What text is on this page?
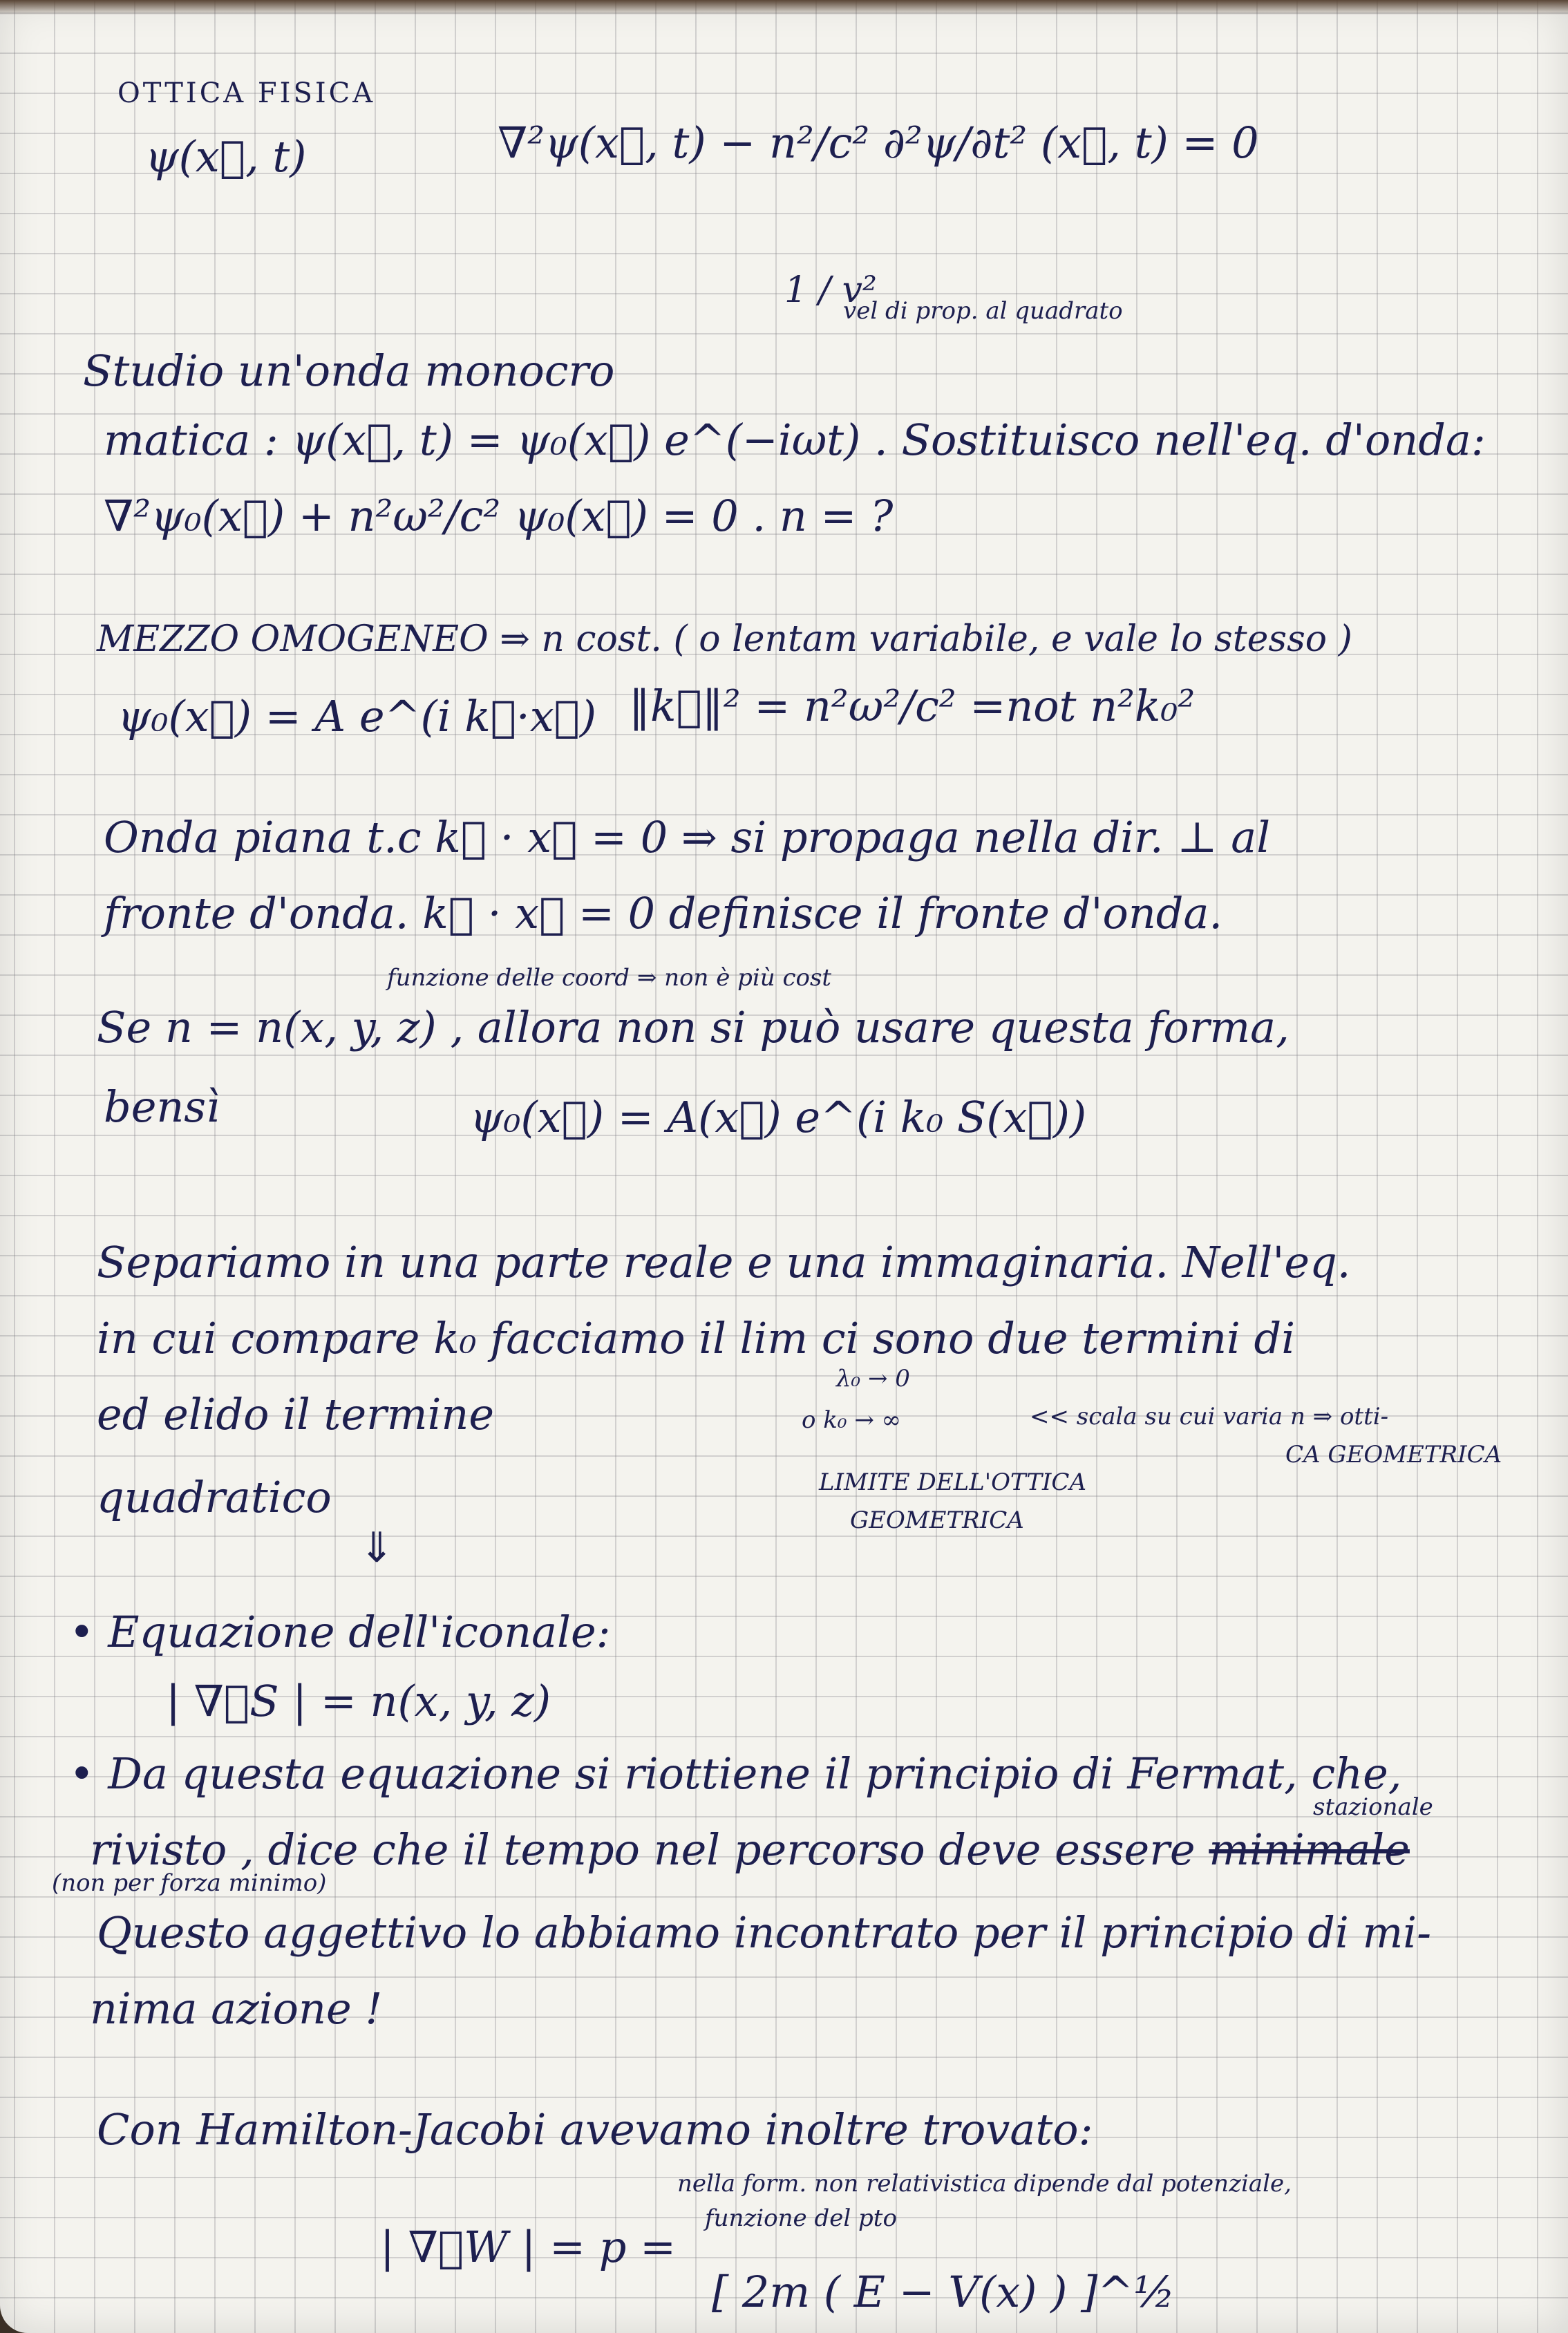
OTTICA FISICA
ψ(x⃗, t)	∇²ψ(x⃗, t) − n²/c² ∂²ψ/∂t² (x⃗, t) = 0
1 / v²
vel di prop. al quadrato
Studio un'onda monocro
matica : ψ(x⃗, t) = ψ₀(x⃗) e^(−iωt) . Sostituisco nell'eq. d'onda:
∇²ψ₀(x⃗) + n²ω²/c² ψ₀(x⃗) = 0 . n = ?
MEZZO OMOGENEO ⇒ n cost. ( o lentam variabile, e vale lo stesso )
ψ₀(x⃗) = A e^(i k⃗·x⃗) ‖k⃗‖² = n²ω²/c² =not n²k₀²
Onda piana t.c k⃗ · x⃗ = 0 ⇒ si propaga nella dir. ⊥ al
fronte d'onda. k⃗ · x⃗ = 0 definisce il fronte d'onda.
funzione delle coord ⇒ non è più cost
Se n = n(x, y, z) , allora non si può usare questa forma,
bensì	ψ₀(x⃗) = A(x⃗) e^(i k₀ S(x⃗))
Separiamo in una parte reale e una immaginaria. Nell'eq.
in cui compare k₀ facciamo il lim ci sono due termini di
ed elido il termine
quadratico
λ₀ → 0
o k₀ → ∞	<< scala su cui varia n ⇒ otti-
CA GEOMETRICA
LIMITE DELL'OTTICA
GEOMETRICA
⇓
• Equazione dell'iconale:
| ∇⃗S | = n(x, y, z)
• Da questa equazione si riottiene il principio di Fermat, che,
stazionale
rivisto , dice che il tempo nel percorso deve essere minimale
(non per forza minimo)
Questo aggettivo lo abbiamo incontrato per il principio di mi-
nima azione !
Con Hamilton-Jacobi avevamo inoltre trovato:
nella form. non relativistica dipende dal potenziale,
funzione del pto
| ∇⃗W | = p =
[ 2m ( E − V(x) ) ]^½
